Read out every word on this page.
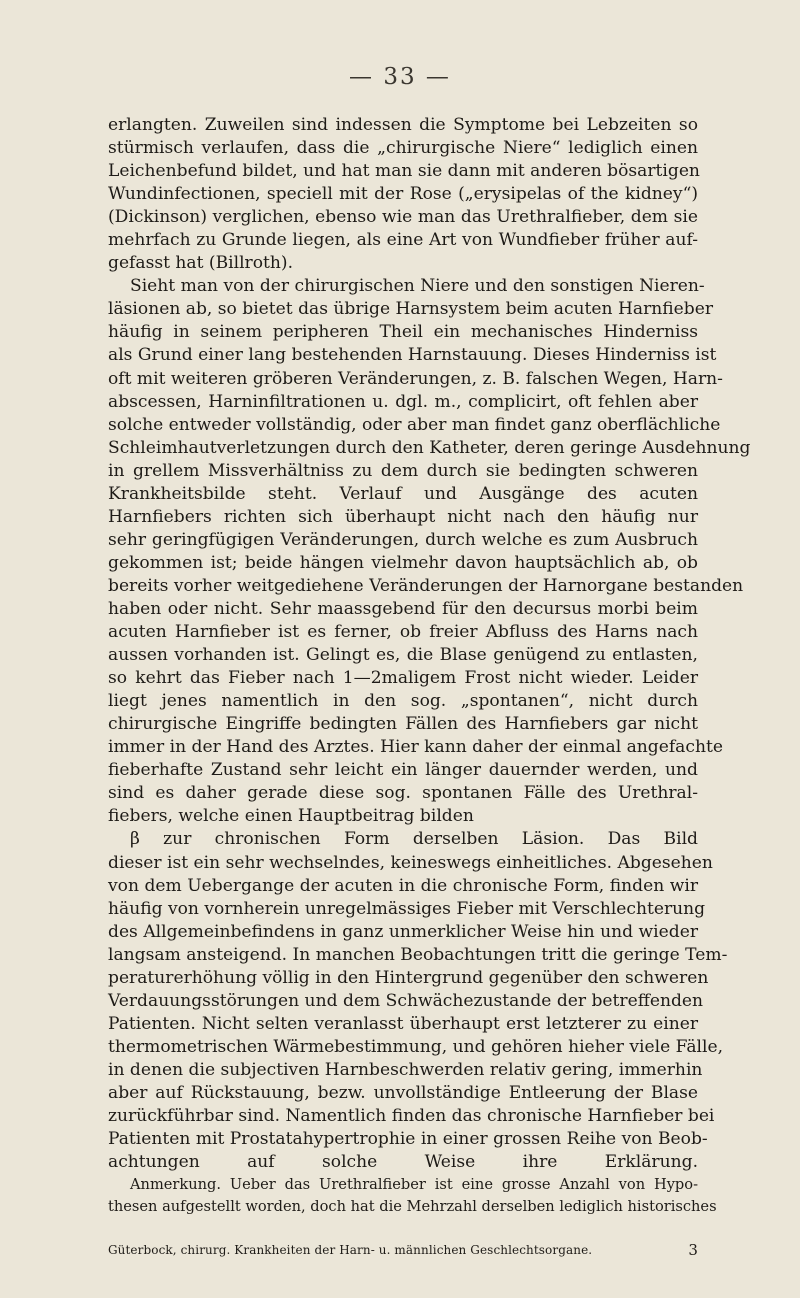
— 33 —
erlangten. Zuweilen sind indessen die Symptome bei Lebzeiten so
stürmisch verlaufen, dass die „chirurgische Niere“ lediglich einen
Leichenbefund bildet, und hat man sie dann mit anderen bösartigen
Wundinfectionen, speciell mit der Rose („erysipelas of the kidney“)
(Dickinson) verglichen, ebenso wie man das Urethralfieber, dem sie
mehrfach zu Grunde liegen, als eine Art von Wundfieber früher auf-
gefasst hat (Billroth).
Sieht man von der chirurgischen Niere und den sonstigen Nieren-
läsionen ab, so bietet das übrige Harnsystem beim acuten Harnfieber
häufig in seinem peripheren Theil ein mechanisches Hinderniss
als Grund einer lang bestehenden Harnstauung. Dieses Hinderniss ist
oft mit weiteren gröberen Veränderungen, z. B. falschen Wegen, Harn-
abscessen, Harninfiltrationen u. dgl. m., complicirt, oft fehlen aber
solche entweder vollständig, oder aber man findet ganz oberflächliche
Schleimhautverletzungen durch den Katheter, deren geringe Ausdehnung
in grellem Missverhältniss zu dem durch sie bedingten schweren
Krankheitsbilde steht. Verlauf und Ausgänge des acuten
Harnfiebers richten sich überhaupt nicht nach den häufig nur
sehr geringfügigen Veränderungen, durch welche es zum Ausbruch
gekommen ist; beide hängen vielmehr davon hauptsächlich ab, ob
bereits vorher weitgediehene Veränderungen der Harnorgane bestanden
haben oder nicht. Sehr maassgebend für den decursus morbi beim
acuten Harnfieber ist es ferner, ob freier Abfluss des Harns nach
aussen vorhanden ist. Gelingt es, die Blase genügend zu entlasten,
so kehrt das Fieber nach 1—2maligem Frost nicht wieder. Leider
liegt jenes namentlich in den sog. „spontanen“, nicht durch
chirurgische Eingriffe bedingten Fällen des Harnfiebers gar nicht
immer in der Hand des Arztes. Hier kann daher der einmal angefachte
fieberhafte Zustand sehr leicht ein länger dauernder werden, und
sind es daher gerade diese sog. spontanen Fälle des Urethral-
fiebers, welche einen Hauptbeitrag bilden
β zur chronischen Form derselben Läsion. Das Bild
dieser ist ein sehr wechselndes, keineswegs einheitliches. Abgesehen
von dem Uebergange der acuten in die chronische Form, finden wir
häufig von vornherein unregelmässiges Fieber mit Verschlechterung
des Allgemeinbefindens in ganz unmerklicher Weise hin und wieder
langsam ansteigend. In manchen Beobachtungen tritt die geringe Tem-
peraturerhöhung völlig in den Hintergrund gegenüber den schweren
Verdauungsstörungen und dem Schwächezustande der betreffenden
Patienten. Nicht selten veranlasst überhaupt erst letzterer zu einer
thermometrischen Wärmebestimmung, und gehören hieher viele Fälle,
in denen die subjectiven Harnbeschwerden relativ gering, immerhin
aber auf Rückstauung, bezw. unvollständige Entleerung der Blase
zurückführbar sind. Namentlich finden das chronische Harnfieber bei
Patienten mit Prostatahypertrophie in einer grossen Reihe von Beob-
achtungen auf solche Weise ihre Erklärung.
Anmerkung. Ueber das Urethralfieber ist eine grosse Anzahl von Hypo-
thesen aufgestellt worden, doch hat die Mehrzahl derselben lediglich historisches
Güterbock, chirurg. Krankheiten der Harn- u. männlichen Geschlechtsorgane.	3
